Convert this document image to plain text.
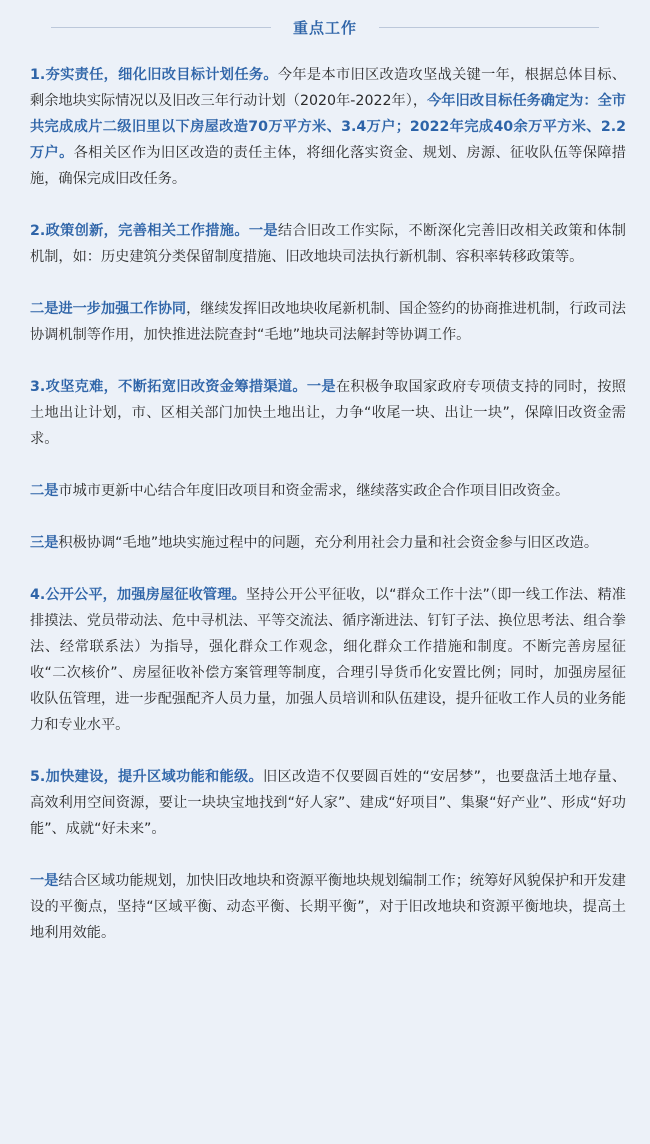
重点工作

1.夯实责任，细化旧改目标计划任务。今年是本市旧区改造攻坚战关键一年，根据总体目标、剩余地块实际情况以及旧改三年行动计划（2020年-2022年），今年旧改目标任务确定为：全市共完成成片二级旧里以下房屋改造70万平方米、3.4万户；2022年完成40余万平方米、2.2万户。各相关区作为旧区改造的责任主体，将细化落实资金、规划、房源、征收队伍等保障措施，确保完成旧改任务。

2.政策创新，完善相关工作措施。一是结合旧改工作实际，不断深化完善旧改相关政策和体制机制，如：历史建筑分类保留制度措施、旧改地块司法执行新机制、容积率转移政策等。

二是进一步加强工作协同，继续发挥旧改地块收尾新机制、国企签约的协商推进机制，行政司法协调机制等作用，加快推进法院查封“毛地”地块司法解封等协调工作。

3.攻坚克难，不断拓宽旧改资金筹措渠道。一是在积极争取国家政府专项债支持的同时，按照土地出让计划，市、区相关部门加快土地出让，力争“收尾一块、出让一块”，保障旧改资金需求。

二是市城市更新中心结合年度旧改项目和资金需求，继续落实政企合作项目旧改资金。

三是积极协调“毛地”地块实施过程中的问题，充分利用社会力量和社会资金参与旧区改造。

4.公开公平，加强房屋征收管理。坚持公开公平征收，以“群众工作十法”（即一线工作法、精准排摸法、党员带动法、危中寻机法、平等交流法、循序渐进法、钉钉子法、换位思考法、组合拳法、经常联系法）为指导，强化群众工作观念，细化群众工作措施和制度。不断完善房屋征收“二次核价”、房屋征收补偿方案管理等制度，合理引导货币化安置比例；同时，加强房屋征收队伍管理，进一步配强配齐人员力量，加强人员培训和队伍建设，提升征收工作人员的业务能力和专业水平。

5.加快建设，提升区域功能和能级。旧区改造不仅要圆百姓的“安居梦”，也要盘活土地存量、高效利用空间资源，要让一块块宝地找到“好人家”、建成“好项目”、集聚“好产业”、形成“好功能”、成就“好未来”。

一是结合区域功能规划，加快旧改地块和资源平衡地块规划编制工作；统筹好风貌保护和开发建设的平衡点，坚持“区域平衡、动态平衡、长期平衡”，对于旧改地块和资源平衡地块，提高土地利用效能。
